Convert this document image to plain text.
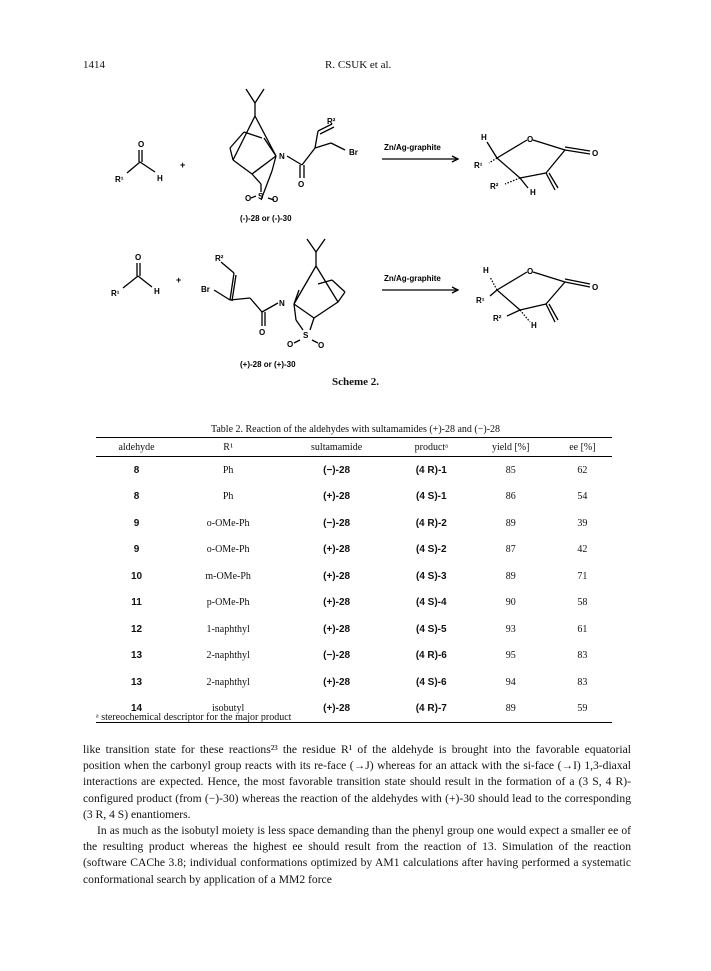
1414	R. CSUK et al.
O
R¹	H
+
R²
Br
N
O
O S O
(-)-28 or (-)-30
Zn/Ag-graphite
H	O
O
R¹
R²
H
O
R¹	H
+
R²
Br
N
O
O
S
O
(+)-28 or (+)-30
Zn/Ag-graphite
H	O
O
R¹
R²
H
Scheme 2.
Table 2. Reaction of the aldehydes with sultamamides (+)-28 and (−)-28
aldehyde	R¹	sultamamide	productᵃ	yield [%]	ee [%]
8	Ph	(−)-28	(4 R)-1	85	62
8	Ph	(+)-28	(4 S)-1	86	54
9	o-OMe-Ph	(−)-28	(4 R)-2	89	39
9	o-OMe-Ph	(+)-28	(4 S)-2	87	42
10	m-OMe-Ph	(+)-28	(4 S)-3	89	71
11	p-OMe-Ph	(+)-28	(4 S)-4	90	58
12	1-naphthyl	(+)-28	(4 S)-5	93	61
13	2-naphthyl	(−)-28	(4 R)-6	95	83
13	2-naphthyl	(+)-28	(4 S)-6	94	83
14	isobutyl	(+)-28	(4 R)-7	89	59
ᵃ stereochemical descriptor for the major product

like transition state for these reactions²³ the residue R¹ of the aldehyde is brought into the favorable equatorial position when the carbonyl group reacts with its re-face (→J) whereas for an attack with the si-face (→I) 1,3-diaxal interactions are expected. Hence, the most favorable transition state should result in the formation of a (3 S, 4 R)-configured product (from (−)-30) whereas the reaction of the aldehydes with (+)-30 should lead to the corresponding (3 R, 4 S) enantiomers.

In as much as the isobutyl moiety is less space demanding than the phenyl group one would expect a smaller ee of the resulting product whereas the highest ee should result from the reaction of 13. Simulation of the reaction (software CAChe 3.8; individual conformations optimized by AM1 calculations after having performed a systematic conformational search by application of a MM2 force
